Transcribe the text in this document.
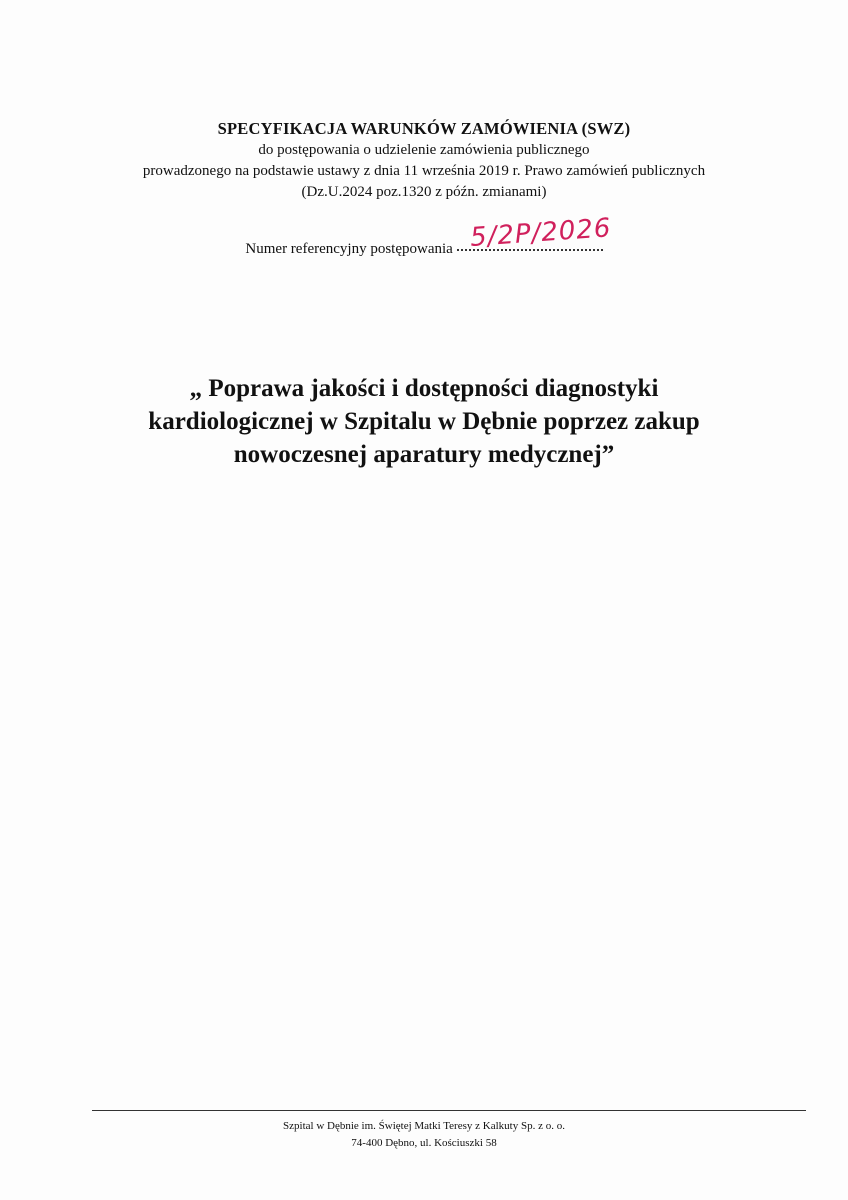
SPECYFIKACJA WARUNKÓW ZAMÓWIENIA (SWZ)

do postępowania o udzielenie zamówienia publicznego

prowadzonego na podstawie ustawy z dnia 11 września 2019 r. Prawo zamówień publicznych

(Dz.U.2024 poz.1320 z późn. zmianami)

Numer referencyjny postępowania 5/2P/2026

„ Poprawa jakości i dostępności diagnostyki

kardiologicznej w Szpitalu w Dębnie poprzez zakup

nowoczesnej aparatury medycznej”

Szpital w Dębnie im. Świętej Matki Teresy z Kalkuty Sp. z o. o.

74-400 Dębno, ul. Kościuszki 58
